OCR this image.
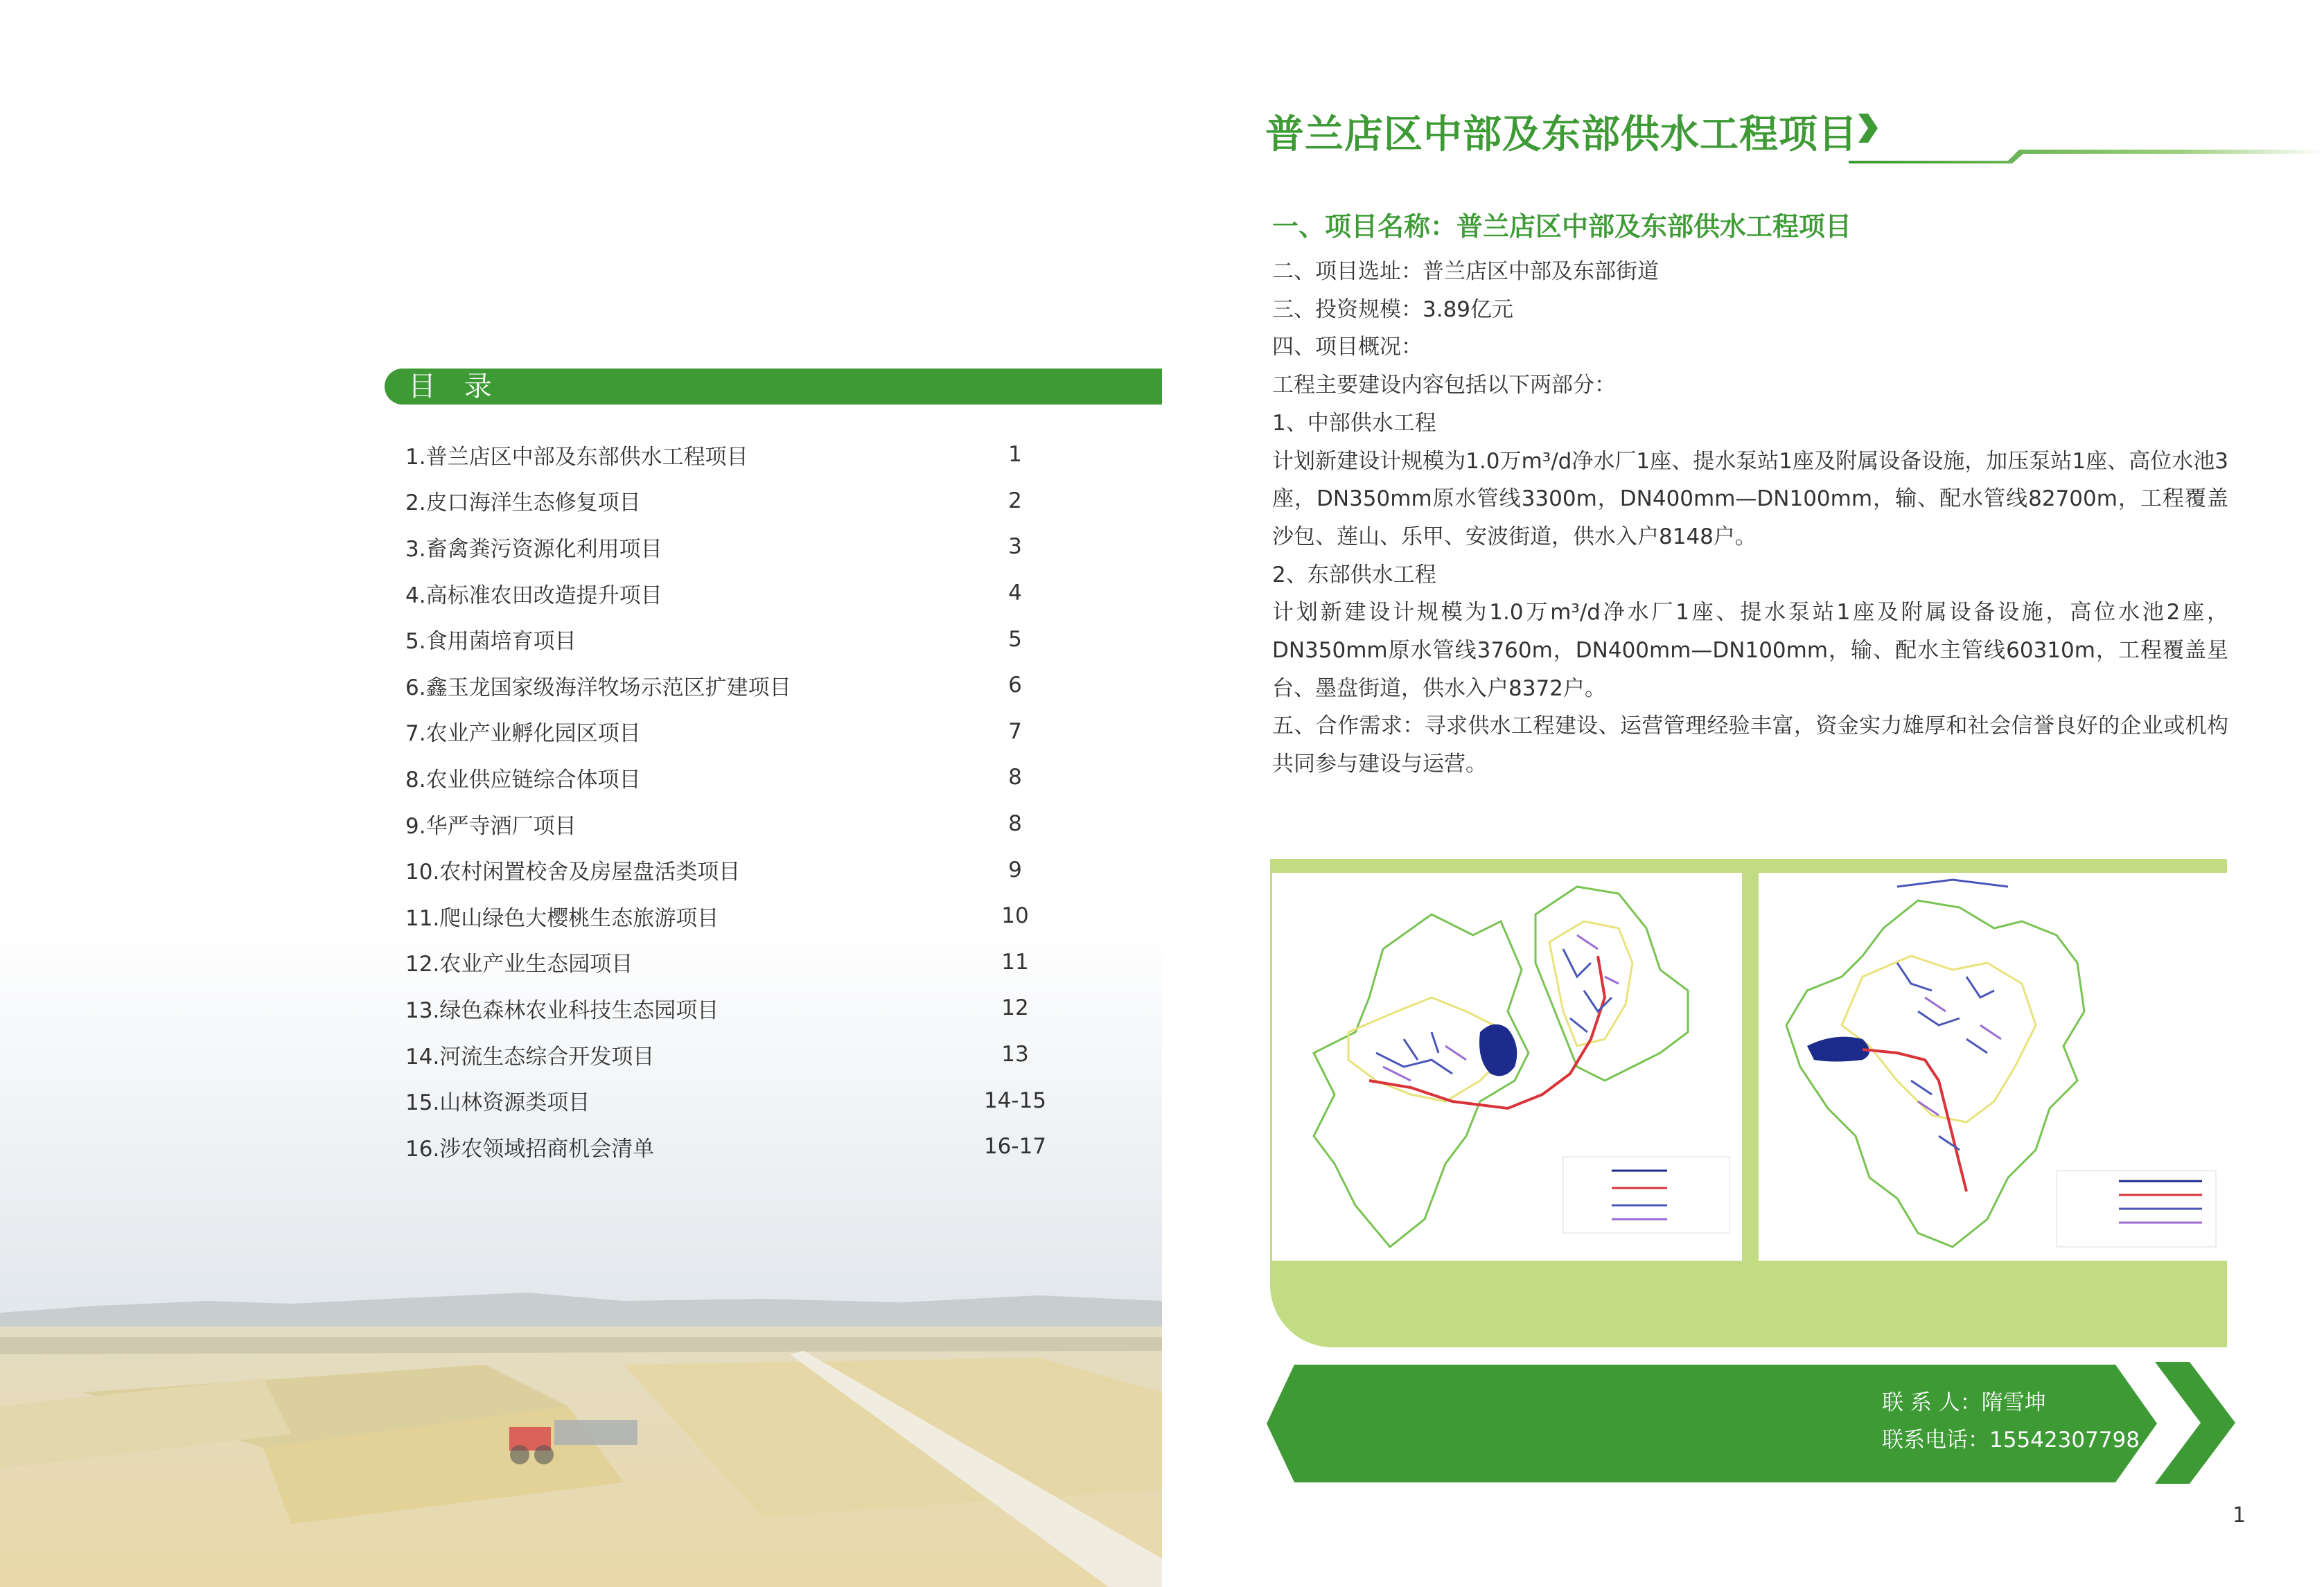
目 录
1.普兰店区中部及东部供水工程项目	1
2.皮口海洋生态修复项目	2
3.畜禽粪污资源化利用项目	3
4.高标准农田改造提升项目	4
5.食用菌培育项目	5
6.鑫玉龙国家级海洋牧场示范区扩建项目	6
7.农业产业孵化园区项目	7
8.农业供应链综合体项目	8
9.华严寺酒厂项目	8
10.农村闲置校舍及房屋盘活类项目	9
11.爬山绿色大樱桃生态旅游项目	10
12.农业产业生态园项目	11
13.绿色森林农业科技生态园项目	12
14.河流生态综合开发项目	13
15.山林资源类项目	14-15
16.涉农领域招商机会清单	16-17
普兰店区中部及东部供水工程项目
一、项目名称：普兰店区中部及东部供水工程项目

二、项目选址：普兰店区中部及东部街道

三、投资规模：3.89亿元

四、项目概况：

工程主要建设内容包括以下两部分：

1、中部供水工程

计划新建设计规模为1.0万m³/d净水厂1座、提水泵站1座及附属设备设施，加压泵站1座、高位水池3座，DN350mm原水管线3300m，DN400mm—DN100mm，输、配水管线82700m，工程覆盖沙包、莲山、乐甲、安波街道，供水入户8148户。

2、东部供水工程

计划新建设计规模为1.0万m³/d净水厂1座、提水泵站1座及附属设备设施，高位水池2座，DN350mm原水管线3760m，DN400mm—DN100mm，输、配水主管线60310m，工程覆盖星台、墨盘街道，供水入户8372户。

五、合作需求：寻求供水工程建设、运营管理经验丰富，资金实力雄厚和社会信誉良好的企业或机构共同参与建设与运营。

联 系 人：隋雪坤
联系电话：15542307798
1
